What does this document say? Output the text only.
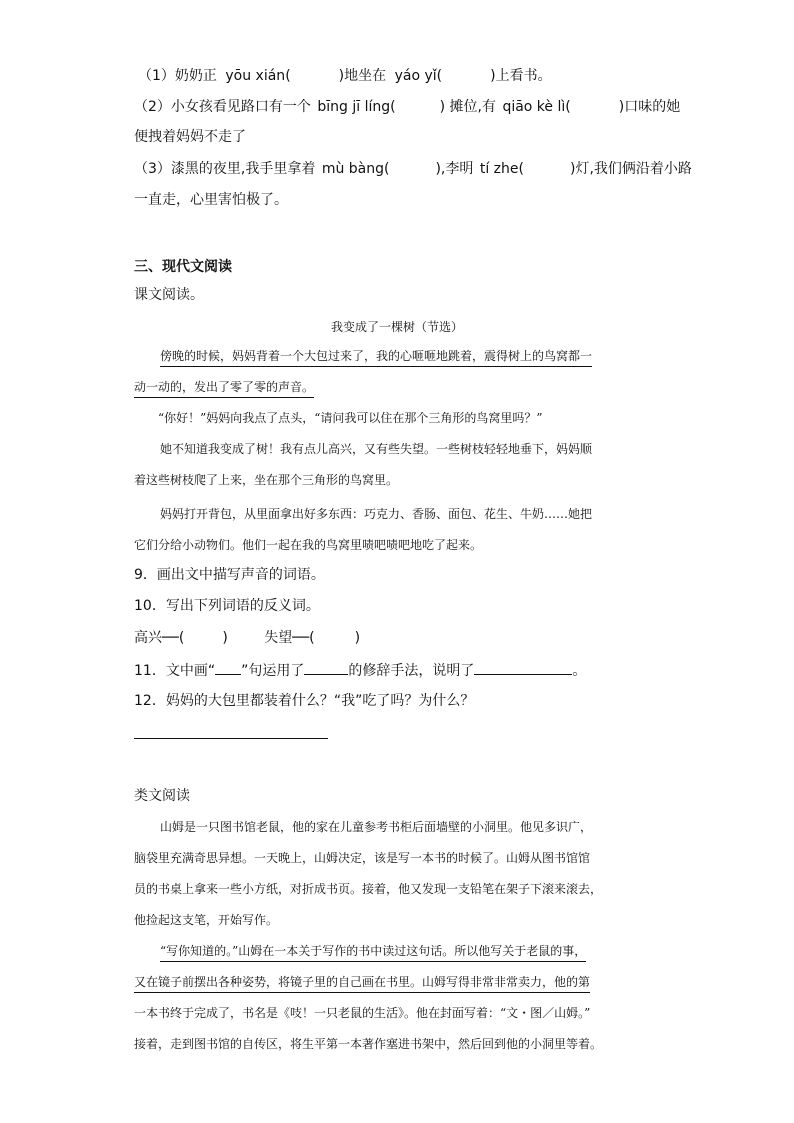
（1）奶奶正 yōu xián(	)地坐在 yáo yǐ(	)上看书。
（2）小女孩看见路口有一个 bīng jī líng(	) 摊位,有 qiāo kè lì(	)口味的她
便拽着妈妈不走了
（3）漆黑的夜里,我手里拿着 mù bàng(	),李明 tí zhe(	)灯,我们俩沿着小路
一直走，心里害怕极了。
三、现代文阅读
课文阅读。
我变成了一棵树（节选）
傍晚的时候，妈妈背着一个大包过来了，我的心咂咂地跳着，震得树上的鸟窝都一
动一动的，发出了零了零的声音。
“你好！”妈妈向我点了点头，“请问我可以住在那个三角形的鸟窝里吗？”
她不知道我变成了树！我有点儿高兴，又有些失望。一些树枝轻轻地垂下，妈妈顺
着这些树枝爬了上来，坐在那个三角形的鸟窝里。
妈妈打开背包，从里面拿出好多东西：巧克力、香肠、面包、花生、牛奶……她把
它们分给小动物们。他们一起在我的鸟窝里啧吧啧吧地吃了起来。
9．画出文中描写声音的词语。
10．写出下列词语的反义词。
高兴──(	)	失望──(	)
11．文中画“ ”句运用了	的修辞手法，说明了	。
12．妈妈的大包里都装着什么？“我”吃了吗？为什么？
类文阅读
山姆是一只图书馆老鼠，他的家在儿童参考书柜后面墙壁的小洞里。他见多识广，
脑袋里充满奇思异想。一天晚上，山姆决定，该是写一本书的时候了。山姆从图书馆馆
员的书桌上拿来一些小方纸，对折成书页。接着，他又发现一支铅笔在架子下滚来滚去，
他捡起这支笔，开始写作。
“写你知道的。”山姆在一本关于写作的书中读过这句话。所以他写关于老鼠的事，
又在镜子前摆出各种姿势，将镜子里的自己画在书里。山姆写得非常非常卖力，他的第
一本书终于完成了，书名是《吱！一只老鼠的生活》。他在封面写着：“文・图／山姆。”
接着，走到图书馆的自传区，将生平第一本著作塞进书架中，然后回到他的小洞里等着。
